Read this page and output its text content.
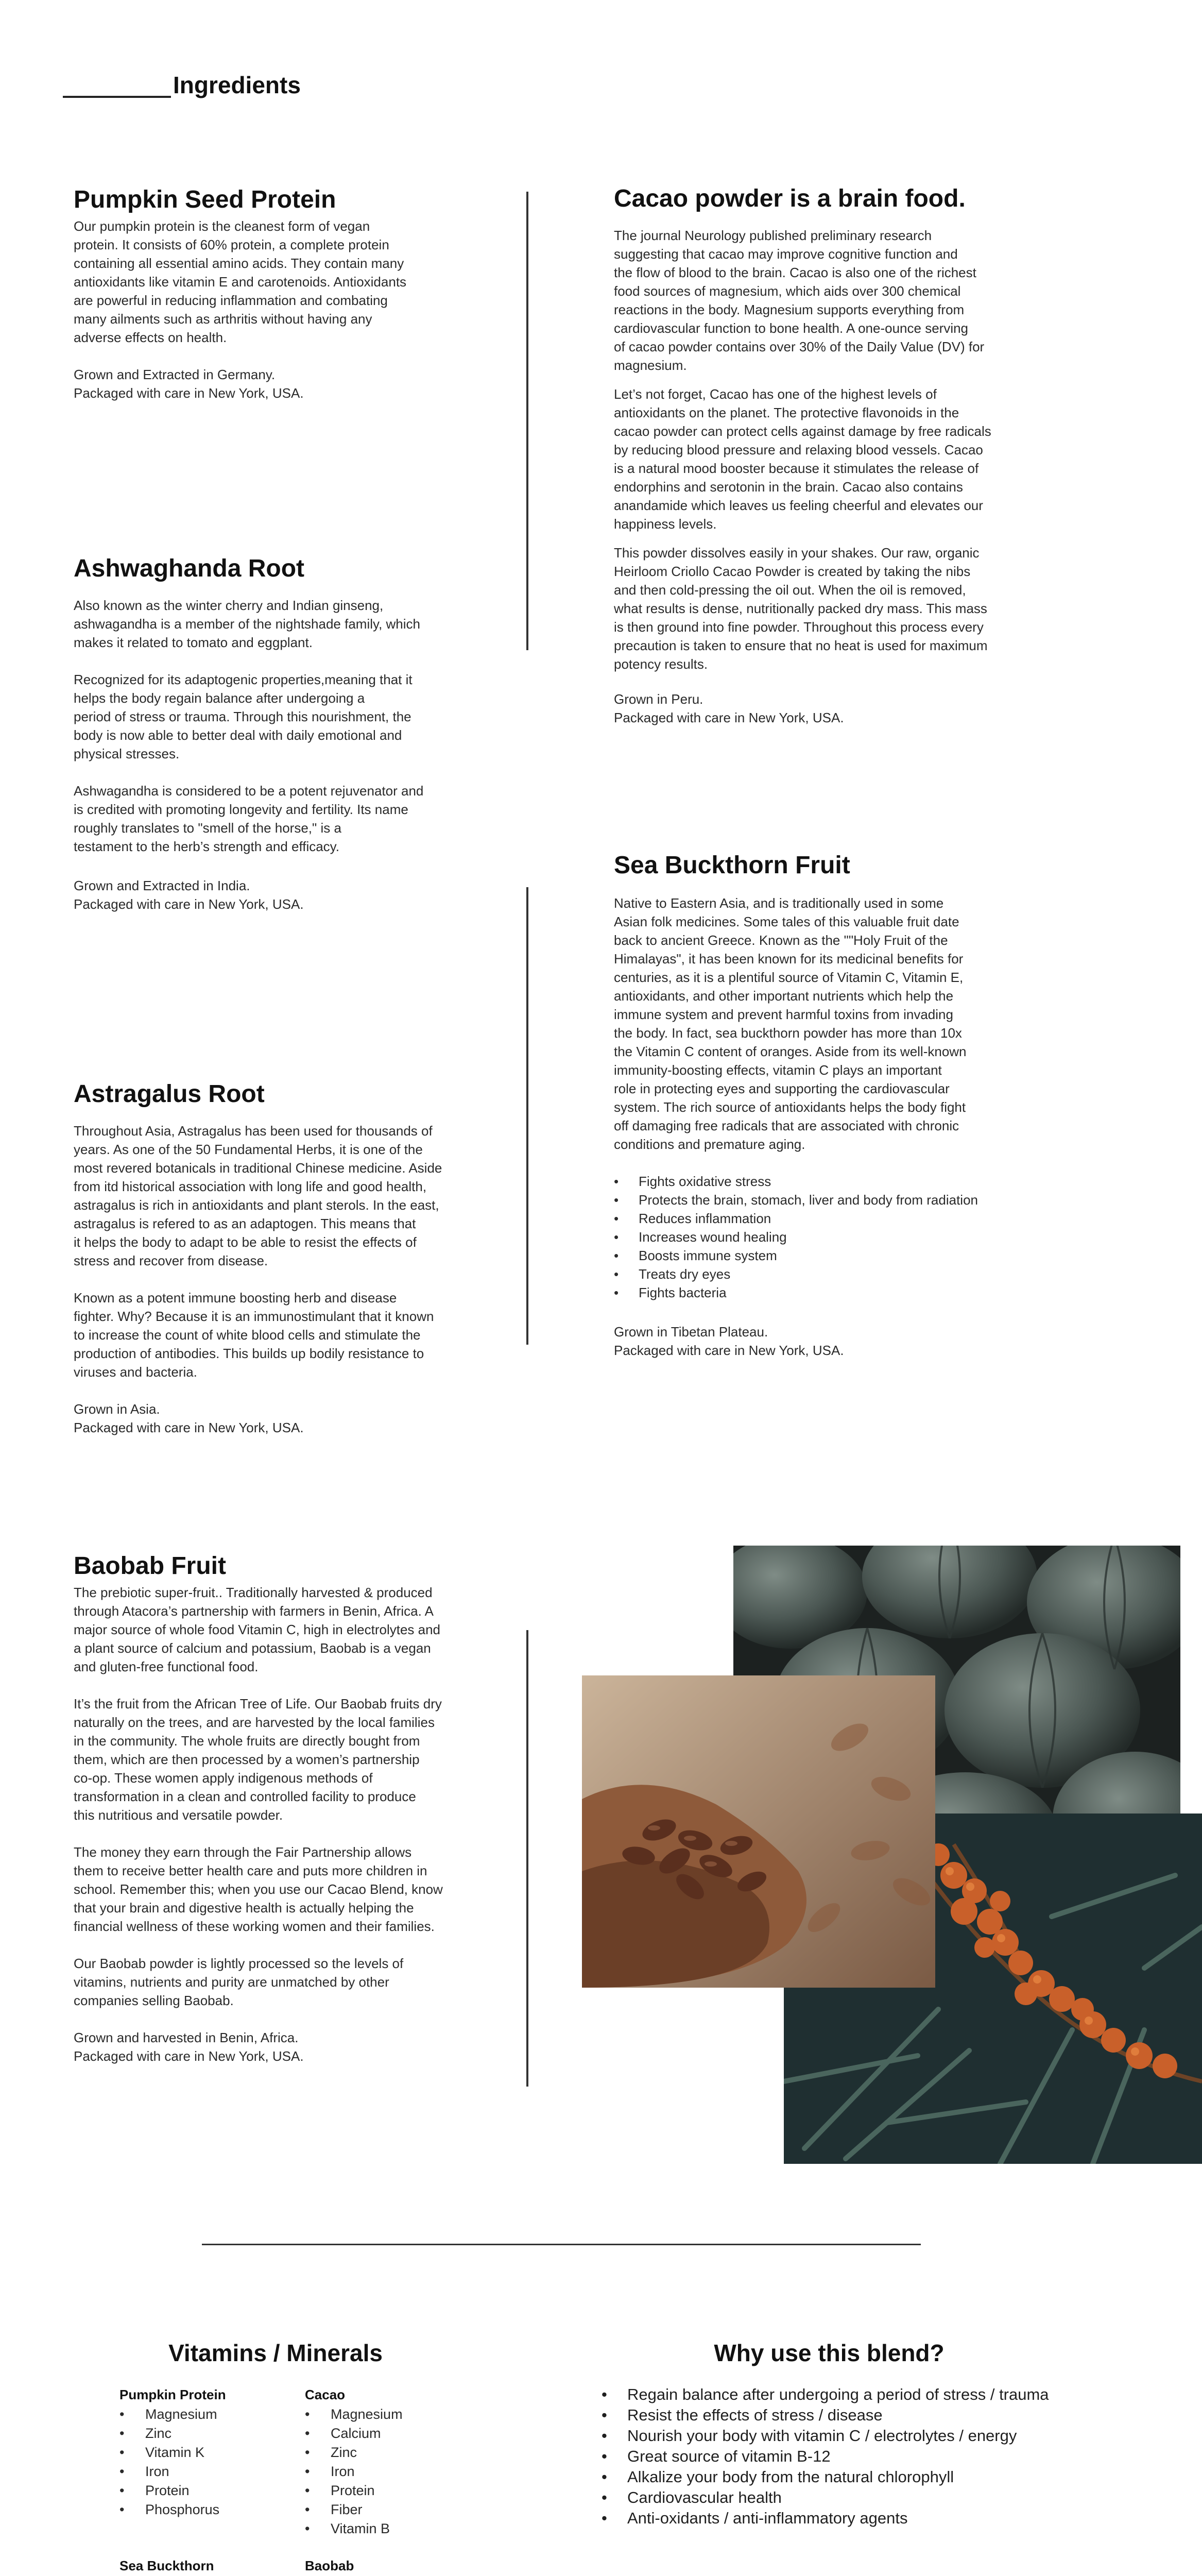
Ingredients
Pumpkin Seed Protein

Our pumpkin protein is the cleanest form of vegan
protein. It consists of 60% protein, a complete protein
containing all essential amino acids. They contain many
antioxidants like vitamin E and carotenoids. Antioxidants
are powerful in reducing inflammation and combating
many ailments such as arthritis without having any
adverse effects on health.

Grown and Extracted in Germany.
Packaged with care in New York, USA.
Ashwaghanda Root

Also known as the winter cherry and Indian ginseng,
ashwagandha is a member of the nightshade family, which
makes it related to tomato and eggplant.

Recognized for its adaptogenic properties,meaning that it
helps the body regain balance after undergoing a
period of stress or trauma. Through this nourishment, the
body is now able to better deal with daily emotional and
physical stresses.

Ashwagandha is considered to be a potent rejuvenator and
is credited with promoting longevity and fertility. Its name
roughly translates to "smell of the horse," is a
testament to the herb’s strength and efficacy.

Grown and Extracted in India.
Packaged with care in New York, USA.
Astragalus Root

Throughout Asia, Astragalus has been used for thousands of
years. As one of the 50 Fundamental Herbs, it is one of the
most revered botanicals in traditional Chinese medicine. Aside
from itd historical association with long life and good health,
astragalus is rich in antioxidants and plant sterols. In the east,
astragalus is refered to as an adaptogen. This means that
it helps the body to adapt to be able to resist the effects of
stress and recover from disease.

Known as a potent immune boosting herb and disease
fighter. Why? Because it is an immunostimulant that it known
to increase the count of white blood cells and stimulate the
production of antibodies. This builds up bodily resistance to
viruses and bacteria.

Grown in Asia.
Packaged with care in New York, USA.
Cacao powder is a brain food.

The journal Neurology published preliminary research
suggesting that cacao may improve cognitive function and
the flow of blood to the brain. Cacao is also one of the richest
food sources of magnesium, which aids over 300 chemical
reactions in the body. Magnesium supports everything from
cardiovascular function to bone health. A one-ounce serving
of cacao powder contains over 30% of the Daily Value (DV) for
magnesium.

Let’s not forget, Cacao has one of the highest levels of
antioxidants on the planet. The protective flavonoids in the
cacao powder can protect cells against damage by free radicals
by reducing blood pressure and relaxing blood vessels. Cacao
is a natural mood booster because it stimulates the release of
endorphins and serotonin in the brain. Cacao also contains
anandamide which leaves us feeling cheerful and elevates our
happiness levels.

This powder dissolves easily in your shakes. Our raw, organic
Heirloom Criollo Cacao Powder is created by taking the nibs
and then cold-pressing the oil out. When the oil is removed,
what results is dense, nutritionally packed dry mass. This mass
is then ground into fine powder. Throughout this process every
precaution is taken to ensure that no heat is used for maximum
potency results.

Grown in Peru.
Packaged with care in New York, USA.
Sea Buckthorn Fruit

Native to Eastern Asia, and is traditionally used in some
Asian folk medicines. Some tales of this valuable fruit date
back to ancient Greece. Known as the ""Holy Fruit of the
Himalayas", it has been known for its medicinal benefits for
centuries, as it is a plentiful source of Vitamin C, Vitamin E,
antioxidants, and other important nutrients which help the
immune system and prevent harmful toxins from invading
the body. In fact, sea buckthorn powder has more than 10x
the Vitamin C content of oranges. Aside from its well-known
immunity-boosting effects, vitamin C plays an important
role in protecting eyes and supporting the cardiovascular
system. The rich source of antioxidants helps the body fight
off damaging free radicals that are associated with chronic
conditions and premature aging.

• Fights oxidative stress
• Protects the brain, stomach, liver and body from radiation
• Reduces inflammation
• Increases wound healing
• Boosts immune system
• Treats dry eyes
• Fights bacteria
Grown in Tibetan Plateau.
Packaged with care in New York, USA.
Baobab Fruit

The prebiotic super-fruit.. Traditionally harvested & produced
through Atacora’s partnership with farmers in Benin, Africa. A
major source of whole food Vitamin C, high in electrolytes and
a plant source of calcium and potassium, Baobab is a vegan
and gluten-free functional food.

It’s the fruit from the African Tree of Life. Our Baobab fruits dry
naturally on the trees, and are harvested by the local families
in the community. The whole fruits are directly bought from
them, which are then processed by a women’s partnership
co-op. These women apply indigenous methods of
transformation in a clean and controlled facility to produce
this nutritious and versatile powder.

The money they earn through the Fair Partnership allows
them to receive better health care and puts more children in
school. Remember this; when you use our Cacao Blend, know
that your brain and digestive health is actually helping the
financial wellness of these working women and their families.

Our Baobab powder is lightly processed so the levels of
vitamins, nutrients and purity are unmatched by other
companies selling Baobab.

Grown and harvested in Benin, Africa.
Packaged with care in New York, USA.
Vitamins / Minerals
Pumpkin Protein
• Magnesium
• Zinc
• Vitamin K
• Iron
• Protein
• Phosphorus
Cacao
• Magnesium
• Calcium
• Zinc
• Iron
• Protein
• Fiber
• Vitamin B
Sea Buckthorn	Baobab
Why use this blend?
• Regain balance after undergoing a period of stress / trauma
• Resist the effects of stress / disease
• Nourish your body with vitamin C / electrolytes / energy
• Great source of vitamin B-12
• Alkalize your body from the natural chlorophyll
• Cardiovascular health
• Anti-oxidants / anti-inflammatory agents
